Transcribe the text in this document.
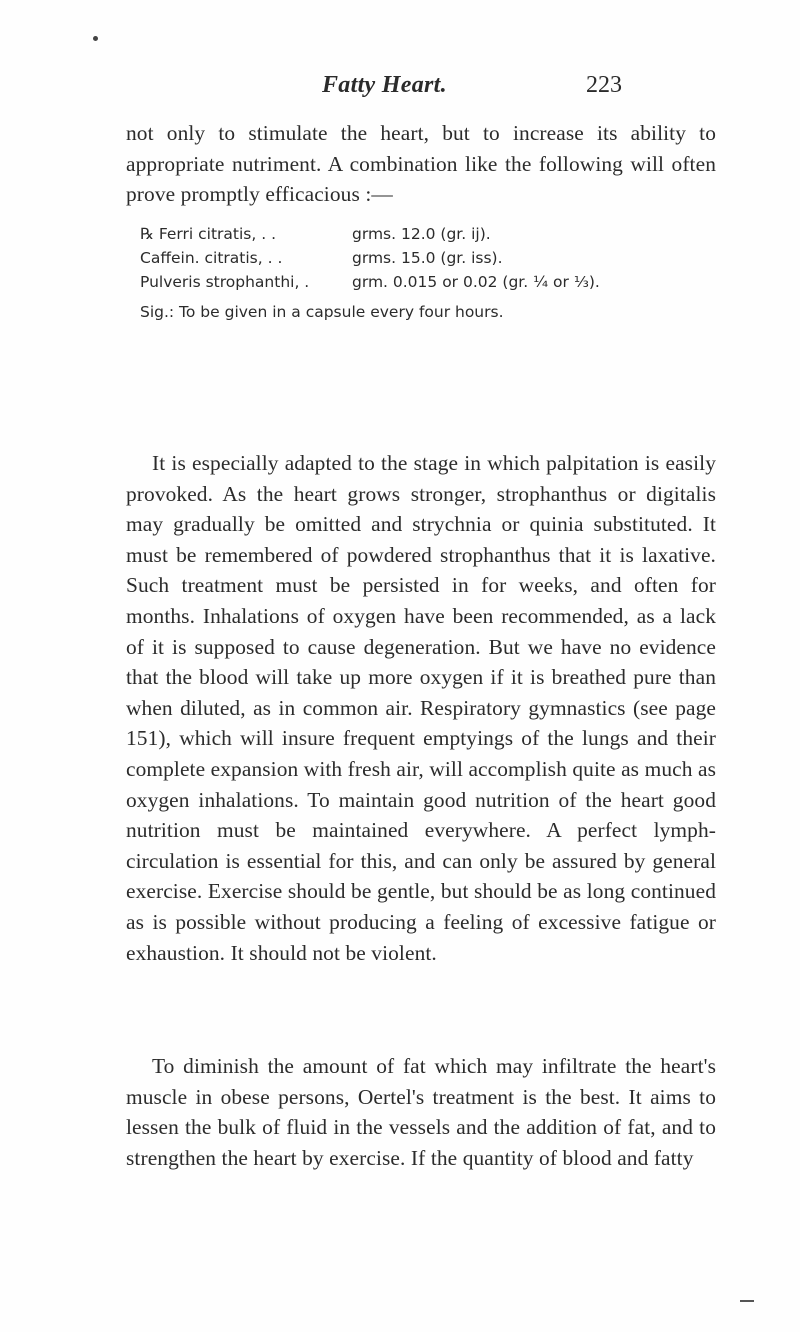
Fatty Heart.	223

not only to stimulate the heart, but to increase its ability to appropriate nutriment. A combination like the following will often prove promptly efficacious :—

℞ Ferri citratis, . .	grms. 12.0 (gr. ij).
Caffein. citratis, . .	grms. 15.0 (gr. iss).
Pulveris strophanthi, .	grm. 0.015 or 0.02 (gr. ¼ or ⅓).
Sig.: To be given in a capsule every four hours.

It is especially adapted to the stage in which palpitation is easily provoked. As the heart grows stronger, strophanthus or digitalis may gradually be omitted and strychnia or quinia substituted. It must be remembered of powdered strophanthus that it is laxative. Such treatment must be persisted in for weeks, and often for months. Inhalations of oxygen have been recommended, as a lack of it is supposed to cause degeneration. But we have no evidence that the blood will take up more oxygen if it is breathed pure than when diluted, as in common air. Respiratory gymnastics (see page 151), which will insure frequent emptyings of the lungs and their complete expansion with fresh air, will accomplish quite as much as oxygen inhalations. To maintain good nutrition of the heart good nutrition must be maintained everywhere. A perfect lymph-circulation is essential for this, and can only be assured by general exercise. Exercise should be gentle, but should be as long continued as is possible without producing a feeling of excessive fatigue or exhaustion. It should not be violent.

To diminish the amount of fat which may infiltrate the heart's muscle in obese persons, Oertel's treatment is the best. It aims to lessen the bulk of fluid in the vessels and the addition of fat, and to strengthen the heart by exercise. If the quantity of blood and fatty
